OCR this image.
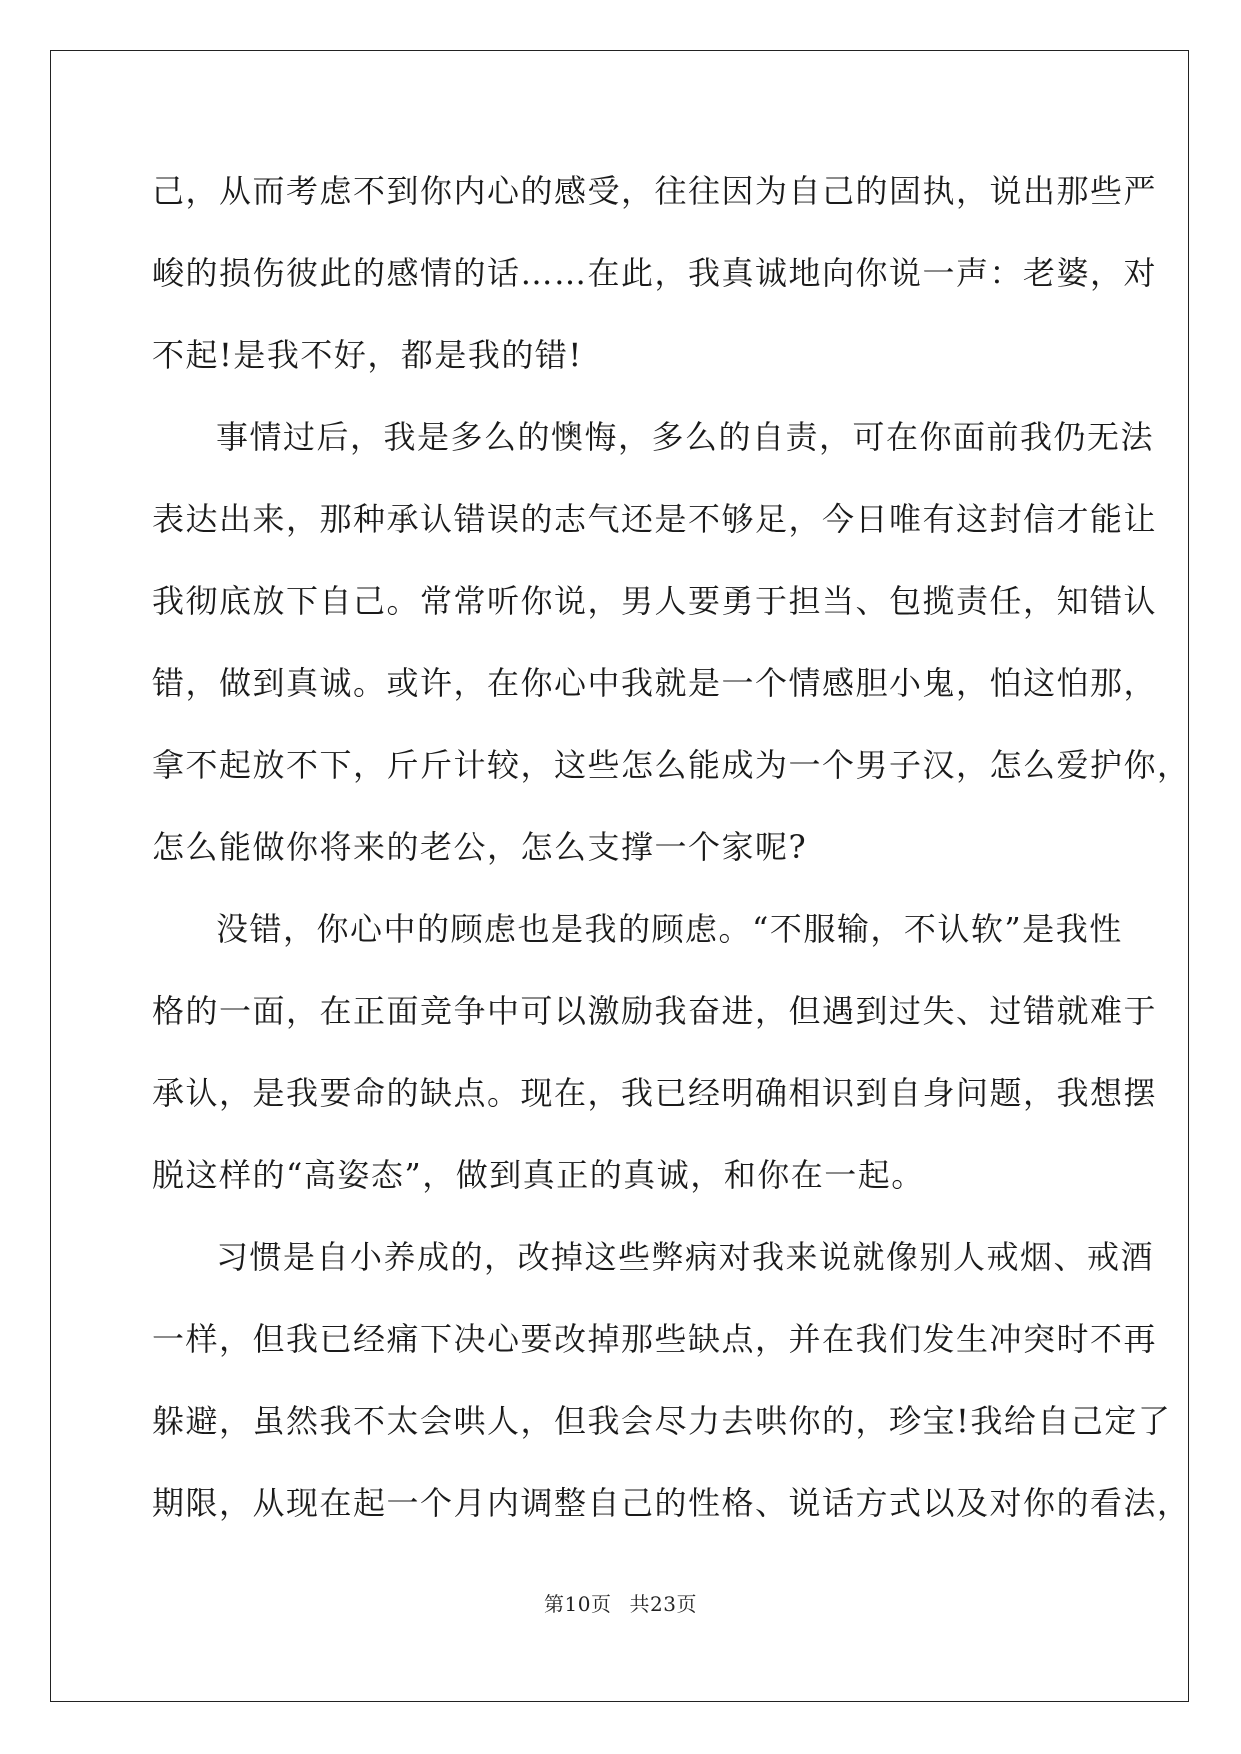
己，从而考虑不到你内心的感受，往往因为自己的固执，说出那些严
峻的损伤彼此的感情的话……在此，我真诚地向你说一声：老婆，对
不起!是我不好，都是我的错!
事情过后，我是多么的懊悔，多么的自责，可在你面前我仍无法
表达出来，那种承认错误的志气还是不够足，今日唯有这封信才能让
我彻底放下自己。常常听你说，男人要勇于担当、包揽责任，知错认
错，做到真诚。或许，在你心中我就是一个情感胆小鬼，怕这怕那，
拿不起放不下，斤斤计较，这些怎么能成为一个男子汉，怎么爱护你，
怎么能做你将来的老公，怎么支撑一个家呢?
没错，你心中的顾虑也是我的顾虑。“不服输，不认软”是我性
格的一面，在正面竞争中可以激励我奋进，但遇到过失、过错就难于
承认，是我要命的缺点。现在，我已经明确相识到自身问题，我想摆
脱这样的“高姿态”，做到真正的真诚，和你在一起。
习惯是自小养成的，改掉这些弊病对我来说就像别人戒烟、戒酒
一样，但我已经痛下决心要改掉那些缺点，并在我们发生冲突时不再
躲避，虽然我不太会哄人，但我会尽力去哄你的，珍宝!我给自己定了
期限，从现在起一个月内调整自己的性格、说话方式以及对你的看法，
第10页 共23页
